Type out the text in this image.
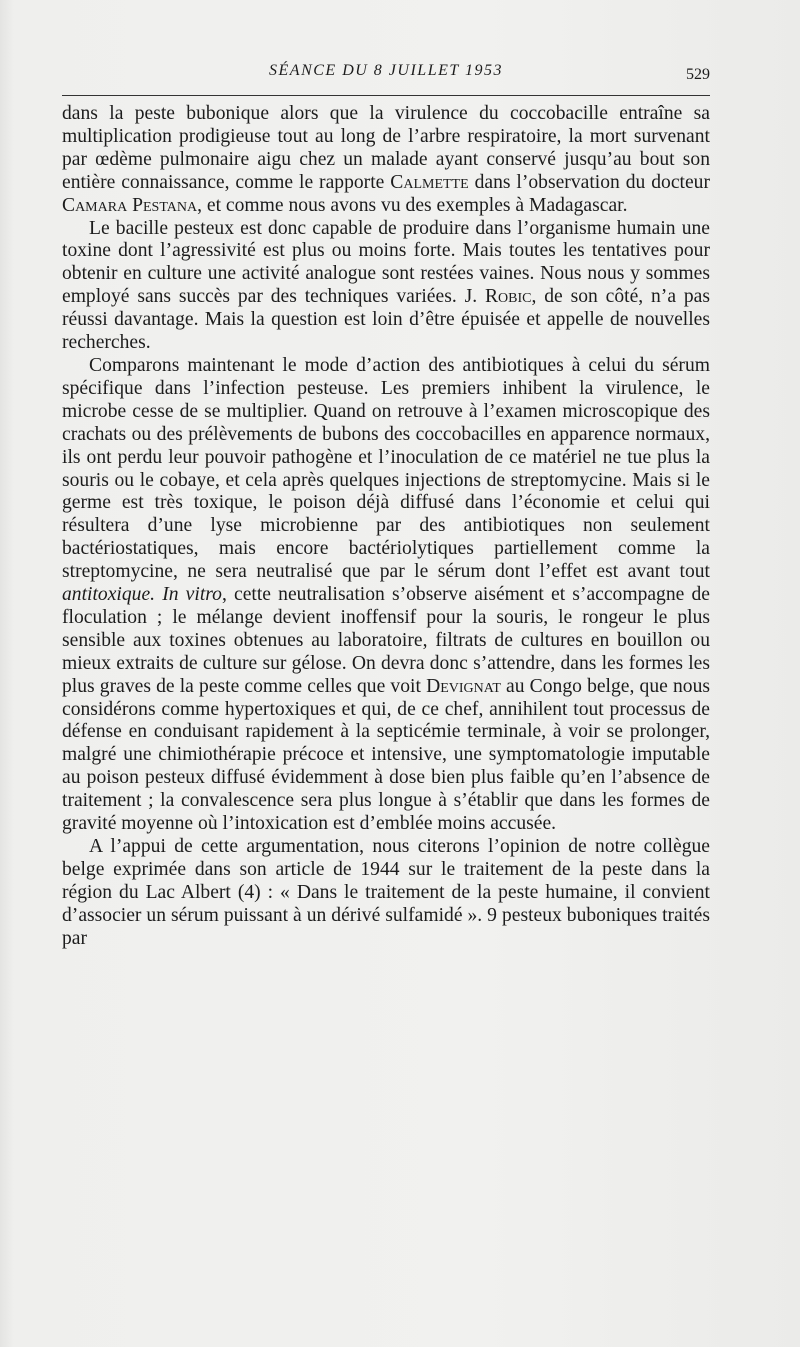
SÉANCE DU 8 JUILLET 1953	529

dans la peste bubonique alors que la virulence du coccobacille entraîne sa multiplication prodigieuse tout au long de l’arbre respiratoire, la mort survenant par œdème pulmonaire aigu chez un malade ayant conservé jusqu’au bout son entière connaissance, comme le rapporte Calmette dans l’observation du docteur Camara Pestana, et comme nous avons vu des exemples à Madagascar.

Le bacille pesteux est donc capable de produire dans l’organisme humain une toxine dont l’agressivité est plus ou moins forte. Mais toutes les tentatives pour obtenir en culture une activité analogue sont restées vaines. Nous nous y sommes employé sans succès par des techniques variées. J. Robic, de son côté, n’a pas réussi davantage. Mais la question est loin d’être épuisée et appelle de nouvelles recherches.

Comparons maintenant le mode d’action des antibiotiques à celui du sérum spécifique dans l’infection pesteuse. Les premiers inhibent la virulence, le microbe cesse de se multiplier. Quand on retrouve à l’examen microscopique des crachats ou des prélèvements de bubons des coccobacilles en apparence normaux, ils ont perdu leur pouvoir pathogène et l’inoculation de ce matériel ne tue plus la souris ou le cobaye, et cela après quelques injections de streptomycine. Mais si le germe est très toxique, le poison déjà diffusé dans l’économie et celui qui résultera d’une lyse microbienne par des antibiotiques non seulement bactériostatiques, mais encore bactériolytiques partiellement comme la streptomycine, ne sera neutralisé que par le sérum dont l’effet est avant tout antitoxique. In vitro, cette neutralisation s’observe aisément et s’accompagne de floculation ; le mélange devient inoffensif pour la souris, le rongeur le plus sensible aux toxines obtenues au laboratoire, filtrats de cultures en bouillon ou mieux extraits de culture sur gélose. On devra donc s’attendre, dans les formes les plus graves de la peste comme celles que voit Devignat au Congo belge, que nous considérons comme hypertoxiques et qui, de ce chef, annihilent tout processus de défense en conduisant rapidement à la septicémie terminale, à voir se prolonger, malgré une chimiothérapie précoce et intensive, une symptomatologie imputable au poison pesteux diffusé évidemment à dose bien plus faible qu’en l’absence de traitement ; la convalescence sera plus longue à s’établir que dans les formes de gravité moyenne où l’intoxication est d’emblée moins accusée.

A l’appui de cette argumentation, nous citerons l’opinion de notre collègue belge exprimée dans son article de 1944 sur le traitement de la peste dans la région du Lac Albert (4) : « Dans le traitement de la peste humaine, il convient d’associer un sérum puissant à un dérivé sulfamidé ». 9 pesteux buboniques traités par
